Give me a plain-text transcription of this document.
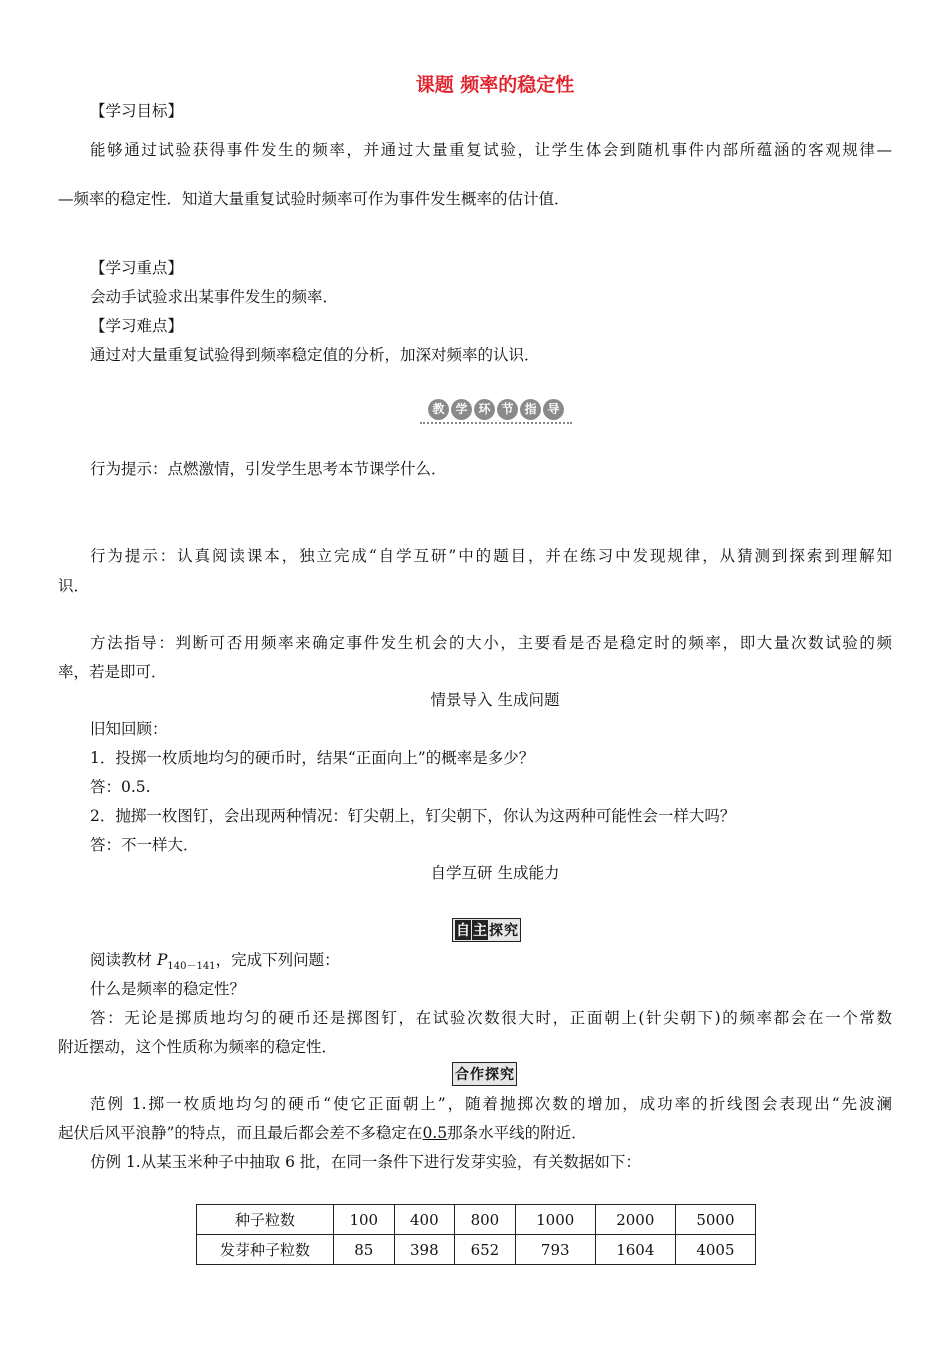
课题 频率的稳定性
【学习目标】
能够通过试验获得事件发生的频率，并通过大量重复试验，让学生体会到随机事件内部所蕴涵的客观规律—
—频率的稳定性．知道大量重复试验时频率可作为事件发生概率的估计值．
【学习重点】
会动手试验求出某事件发生的频率．
【学习难点】
通过对大量重复试验得到频率稳定值的分析，加深对频率的认识．
教 学 环 节 指 导
行为提示：点燃激情，引发学生思考本节课学什么．
行为提示：认真阅读课本，独立完成“自学互研”中的题目，并在练习中发现规律，从猜测到探索到理解知
识．
方法指导：判断可否用频率来确定事件发生机会的大小，主要看是否是稳定时的频率，即大量次数试验的频
率，若是即可．
情景导入 生成问题
旧知回顾：
1．投掷一枚质地均匀的硬币时，结果“正面向上”的概率是多少？
答：0.5.
2．抛掷一枚图钉，会出现两种情况：钉尖朝上，钉尖朝下，你认为这两种可能性会一样大吗？
答：不一样大．
自学互研 生成能力
自 主 探 究
阅读教材 $P_{140-141}$，完成下列问题：
什么是频率的稳定性？
答：无论是掷质地均匀的硬币还是掷图钉，在试验次数很大时，正面朝上(针尖朝下)的频率都会在一个常数
附近摆动，这个性质称为频率的稳定性．
合 作 探 究
范例 1.掷一枚质地均匀的硬币“使它正面朝上”，随着抛掷次数的增加，成功率的折线图会表现出“先波澜
起伏后风平浪静”的特点，而且最后都会差不多稳定在0.5那条水平线的附近．
仿例 1.从某玉米种子中抽取 6 批，在同一条件下进行发芽实验，有关数据如下：
种子粒数	100	400	800	1000	2000	5000
发芽种子粒数	85	398	652	793	1604	4005
